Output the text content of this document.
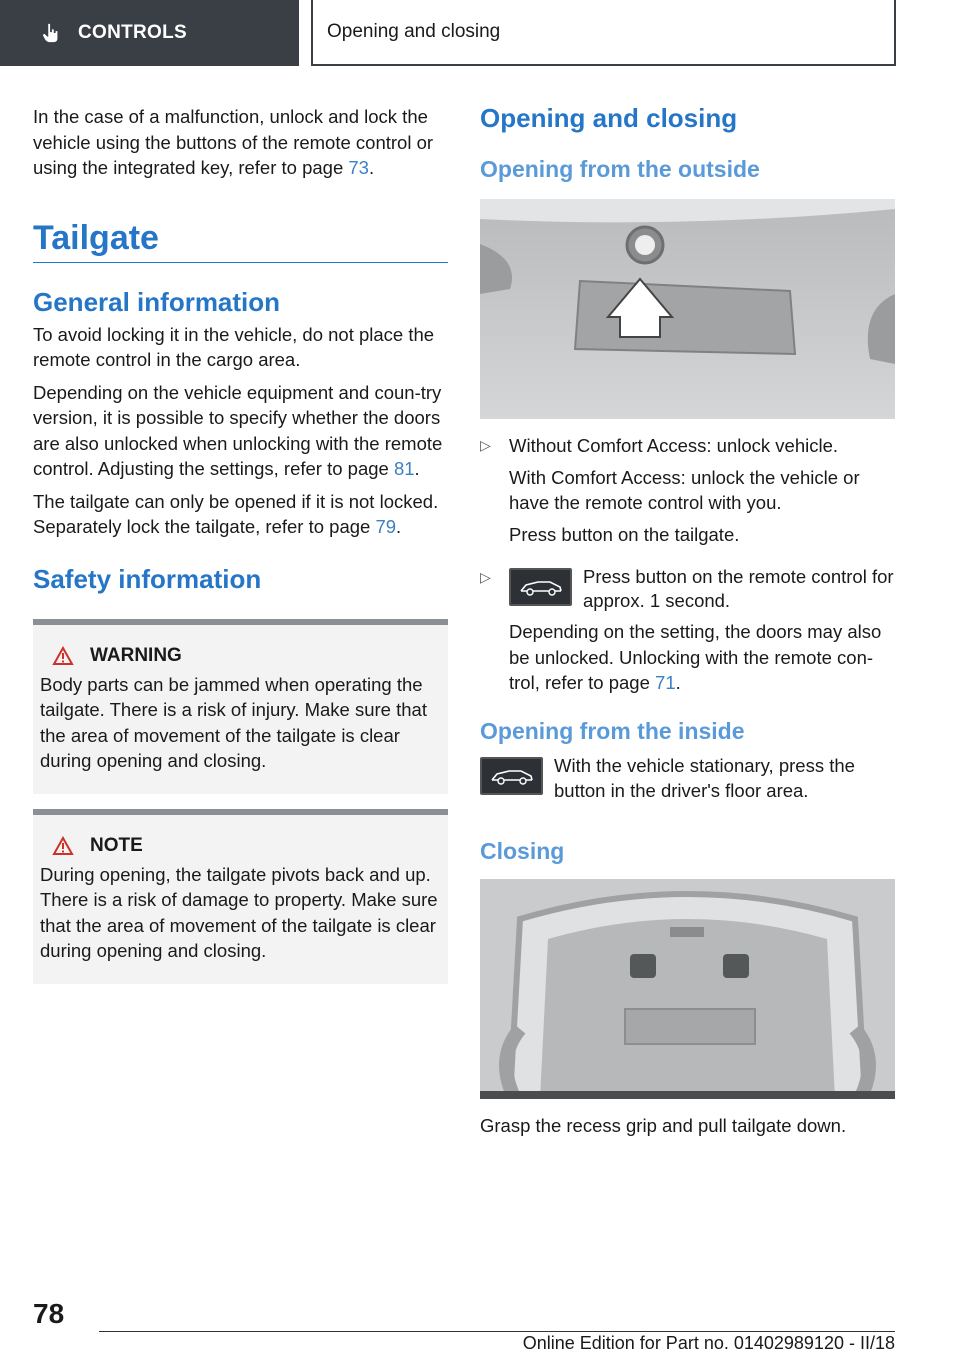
CONTROLS	Opening and closing

In the case of a malfunction, unlock and lock the vehicle using the buttons of the remote control or using the integrated key, refer to page 73.

Tailgate
General information

To avoid locking it in the vehicle, do not place the remote control in the cargo area.

Depending on the vehicle equipment and coun‐try version, it is possible to specify whether the doors are also unlocked when unlocking with the remote control. Adjusting the settings, refer to page 81.

The tailgate can only be opened if it is not locked. Separately lock the tailgate, refer to page 79.

Safety information
WARNING

Body parts can be jammed when operating the tailgate. There is a risk of injury. Make sure that the area of movement of the tailgate is clear during opening and closing.

NOTE

During opening, the tailgate pivots back and up. There is a risk of damage to property. Make sure that the area of movement of the tailgate is clear during opening and closing.

Opening and closing
Opening from the outside
▷ Without Comfort Access: unlock vehicle.

With Comfort Access: unlock the vehicle or have the remote control with you.

Press button on the tailgate.

▷	Press button on the remote control for approx. 1 second.

Depending on the setting, the doors may also be unlocked. Unlocking with the remote con‐trol, refer to page 71.

Opening from the inside

With the vehicle stationary, press the button in the driver's floor area.

Closing

Grasp the recess grip and pull tailgate down.

78
Online Edition for Part no. 01402989120 - II/18
